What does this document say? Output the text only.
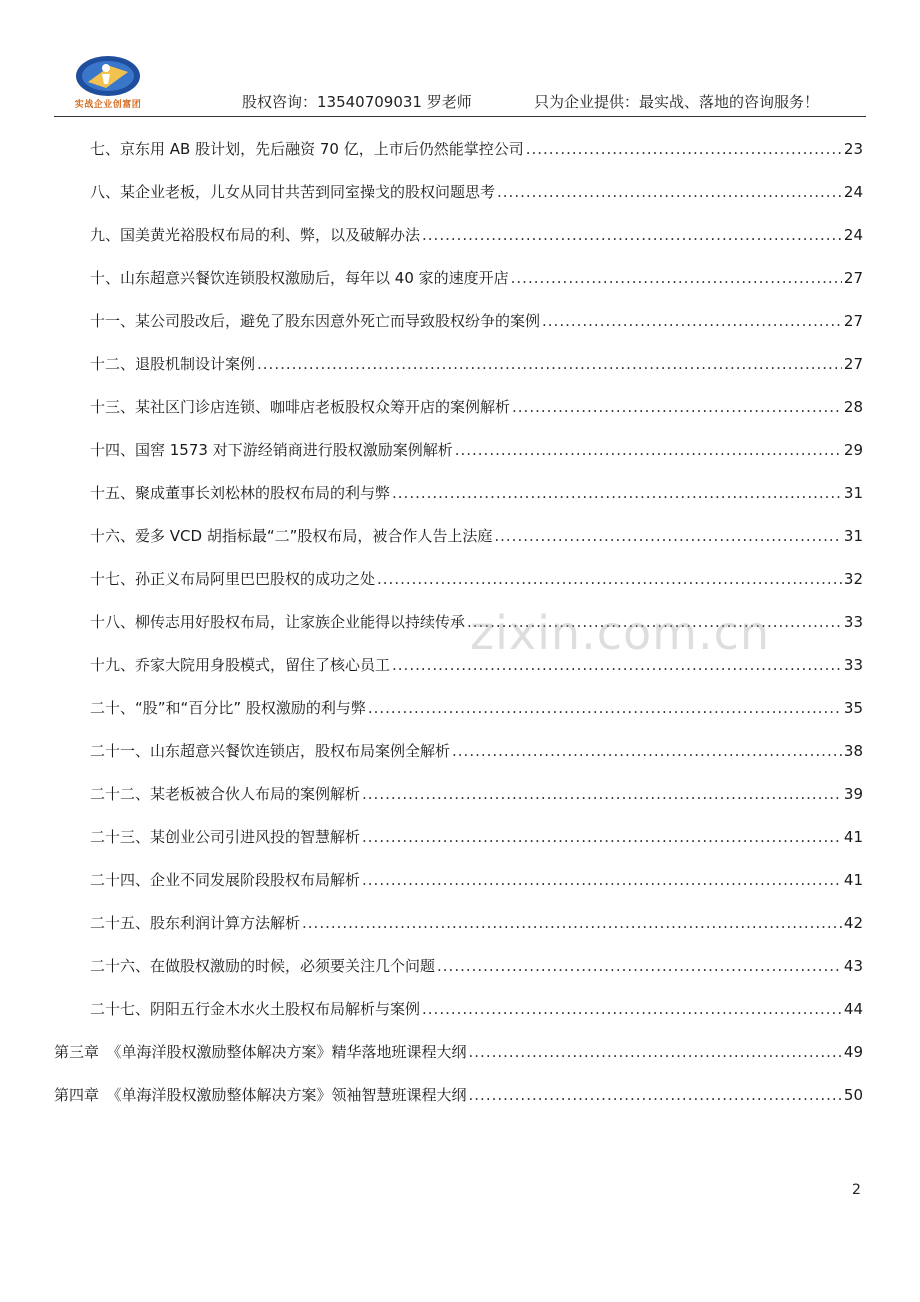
实战企业创富团	股权咨询：13540709031 罗老师	只为企业提供：最实战、落地的咨询服务！
七、京东用 AB 股计划，先后融资 70 亿，上市后仍然能掌控公司 .....	23
八、某企业老板，儿女从同甘共苦到同室操戈的股权问题思考 .....	24
九、国美黄光裕股权布局的利、弊，以及破解办法 .....	24
十、山东超意兴餐饮连锁股权激励后，每年以 40 家的速度开店 .....	27
十一、某公司股改后，避免了股东因意外死亡而导致股权纷争的案例 .....	27
十二、退股机制设计案例 .....	27
十三、某社区门诊店连锁、咖啡店老板股权众筹开店的案例解析 .....	28
十四、国窖 1573 对下游经销商进行股权激励案例解析 .....	29
十五、聚成董事长刘松林的股权布局的利与弊 .....	31
十六、爱多 VCD 胡指标最“二”股权布局，被合作人告上法庭 .....	31
十七、孙正义布局阿里巴巴股权的成功之处 .....	32
十八、柳传志用好股权布局，让家族企业能得以持续传承 .....	33
十九、乔家大院用身股模式，留住了核心员工 .....	33
二十、“股”和“百分比” 股权激励的利与弊 .....	35
二十一、山东超意兴餐饮连锁店，股权布局案例全解析 .....	38
二十二、某老板被合伙人布局的案例解析 .....	39
二十三、某创业公司引进风投的智慧解析 .....	41
二十四、企业不同发展阶段股权布局解析 .....	41
二十五、股东利润计算方法解析 .....	42
二十六、在做股权激励的时候，必须要关注几个问题 .....	43
二十七、阴阳五行金木水火土股权布局解析与案例 .....	44
第三章　《单海洋股权激励整体解决方案》精华落地班课程大纲 .....	49
第四章　《单海洋股权激励整体解决方案》领袖智慧班课程大纲 .....	50
zixin.com.cn
2
